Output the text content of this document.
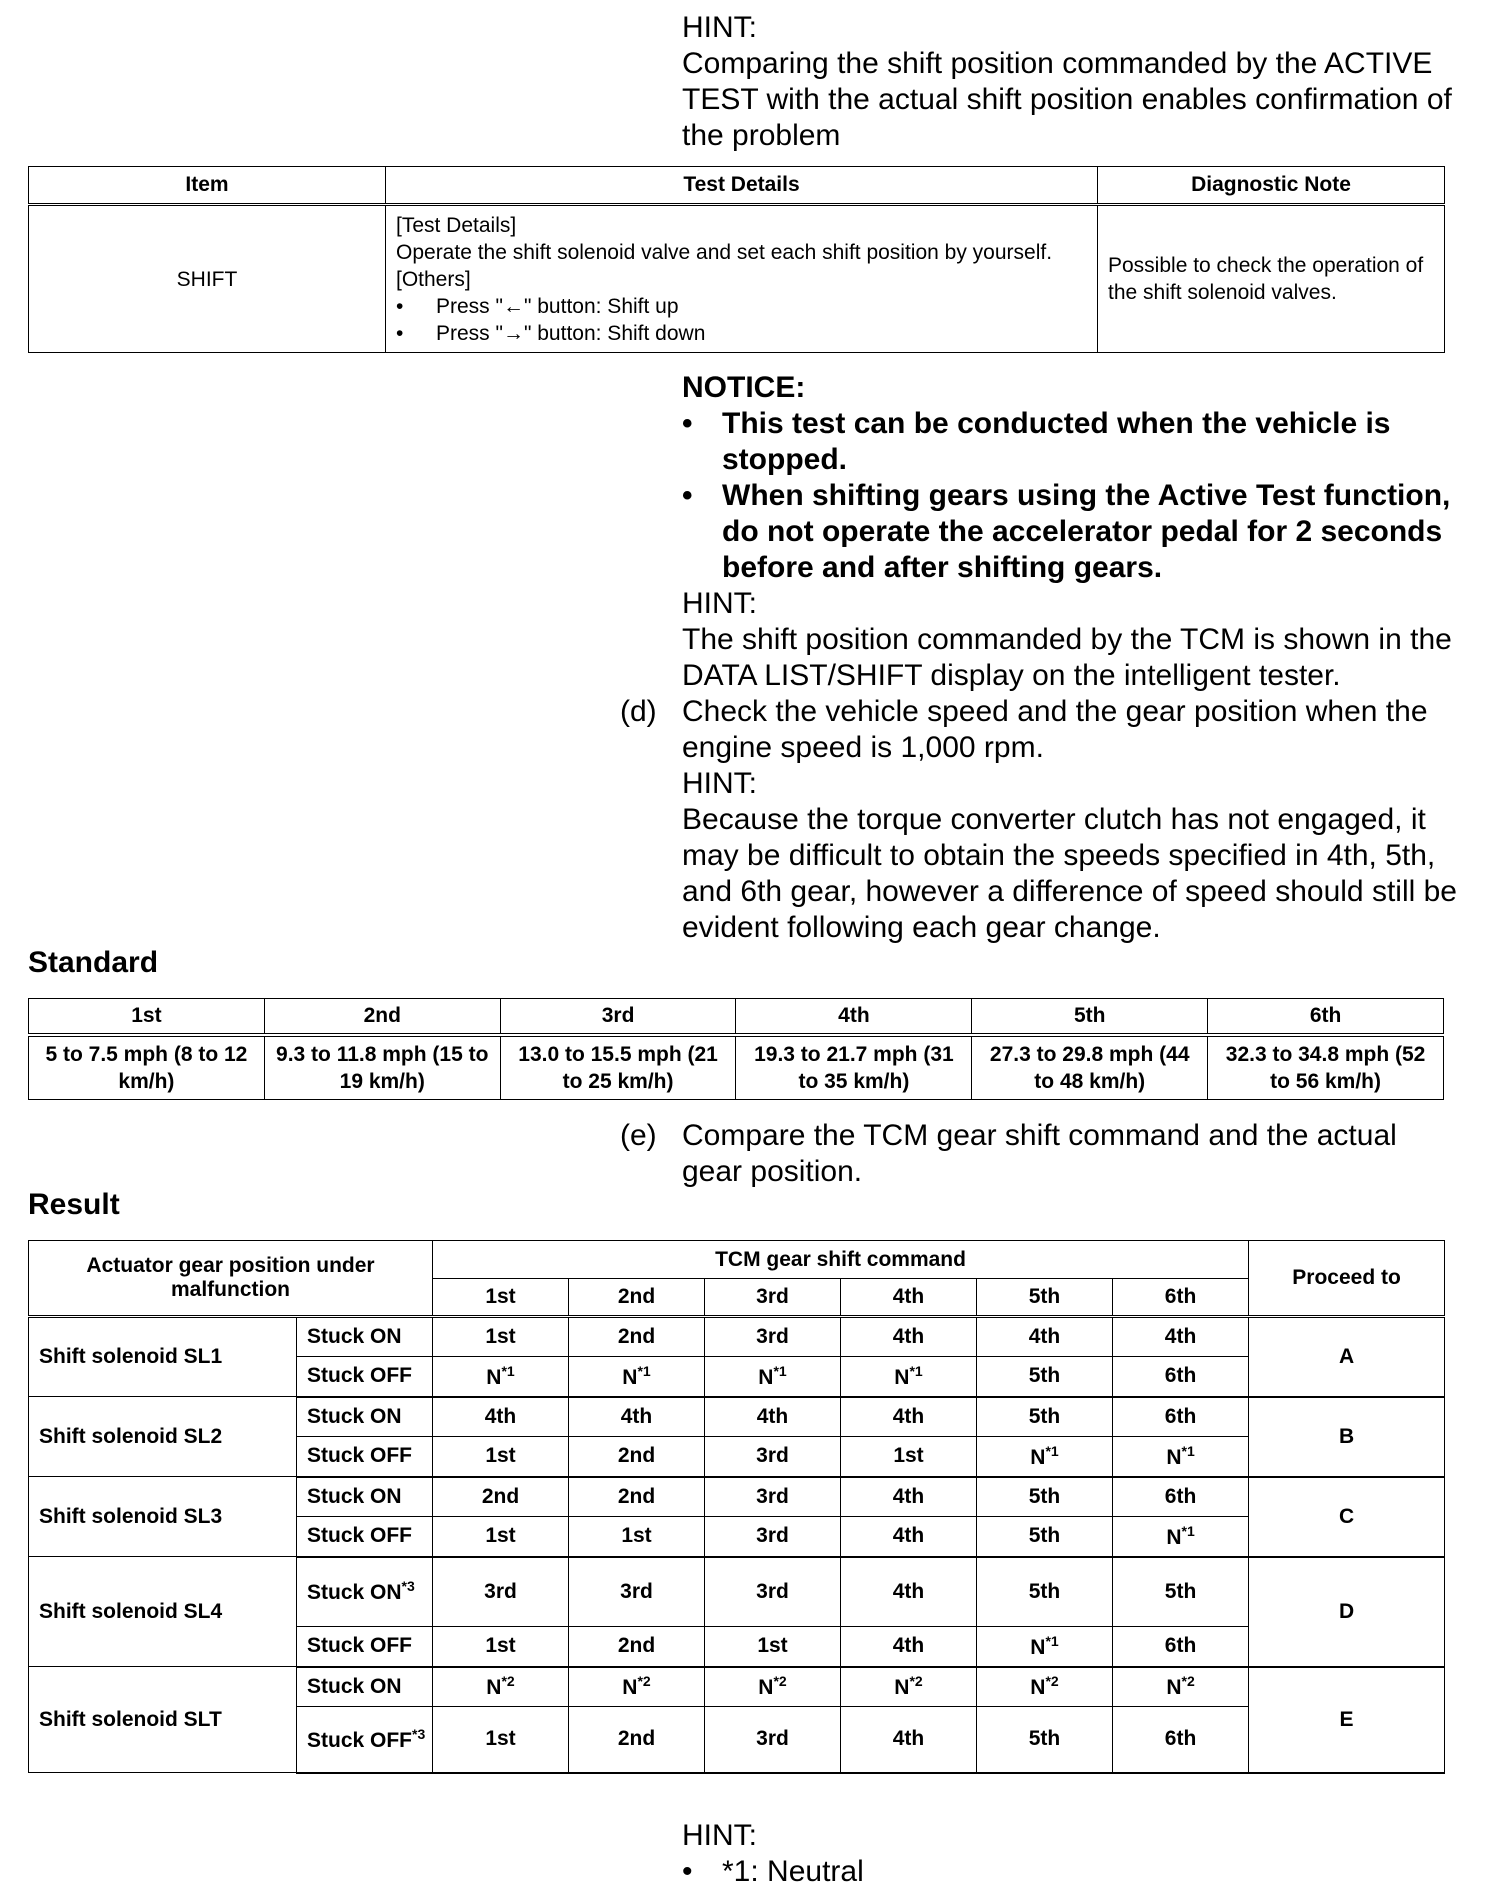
HINT:
Comparing the shift position commanded by the ACTIVE TEST with the actual shift position enables confirmation of the problem
Item	Test Details	Diagnostic Note
SHIFT	[Test Details]
Operate the shift solenoid valve and set each shift position by yourself.
[Others]
• Press "←" button: Shift up
• Press "→" button: Shift down	Possible to check the operation of the shift solenoid valves.
NOTICE:
• This test can be conducted when the vehicle is stopped.
• When shifting gears using the Active Test function, do not operate the accelerator pedal for 2 seconds before and after shifting gears.
HINT:
The shift position commanded by the TCM is shown in the DATA LIST/SHIFT display on the intelligent tester.
(d) Check the vehicle speed and the gear position when the engine speed is 1,000 rpm.
HINT:
Because the torque converter clutch has not engaged, it may be difficult to obtain the speeds specified in 4th, 5th, and 6th gear, however a difference of speed should still be evident following each gear change.
Standard
1st	2nd	3rd	4th	5th	6th
5 to 7.5 mph (8 to 12 km/h)	9.3 to 11.8 mph (15 to 19 km/h)	13.0 to 15.5 mph (21 to 25 km/h)	19.3 to 21.7 mph (31 to 35 km/h)	27.3 to 29.8 mph (44 to 48 km/h)	32.3 to 34.8 mph (52 to 56 km/h)
(e) Compare the TCM gear shift command and the actual gear position.
Result
Actuator gear position under malfunction		TCM gear shift command						Proceed to
		1st	2nd	3rd	4th	5th	6th	
Shift solenoid SL1	Stuck ON	1st	2nd	3rd	4th	4th	4th	A
	Stuck OFF	$N^{*1}$	$N^{*1}$	$N^{*1}$	$N^{*1}$	5th	6th	
Shift solenoid SL2	Stuck ON	4th	4th	4th	4th	5th	6th	B
	Stuck OFF	1st	2nd	3rd	1st	$N^{*1}$	$N^{*1}$
Shift solenoid SL3	Stuck ON	2nd	2nd	3rd	4th	5th	6th	C
	Stuck OFF	1st	1st	3rd	4th	5th	$N^{*1}$
Shift solenoid SL4	Stuck ON$^{*3}$	3rd	3rd	3rd	4th	5th	5th	D
	Stuck OFF	1st	2nd	1st	4th	$N^{*1}$	6th	
Shift solenoid SLT	Stuck ON	$N^{*2}$	$N^{*2}$	$N^{*2}$	$N^{*2}$	$N^{*2}$	$N^{*2}$	E
	Stuck OFF$^{*3}$	1st	2nd	3rd	4th	5th	6th	
HINT:
• *1: Neutral
